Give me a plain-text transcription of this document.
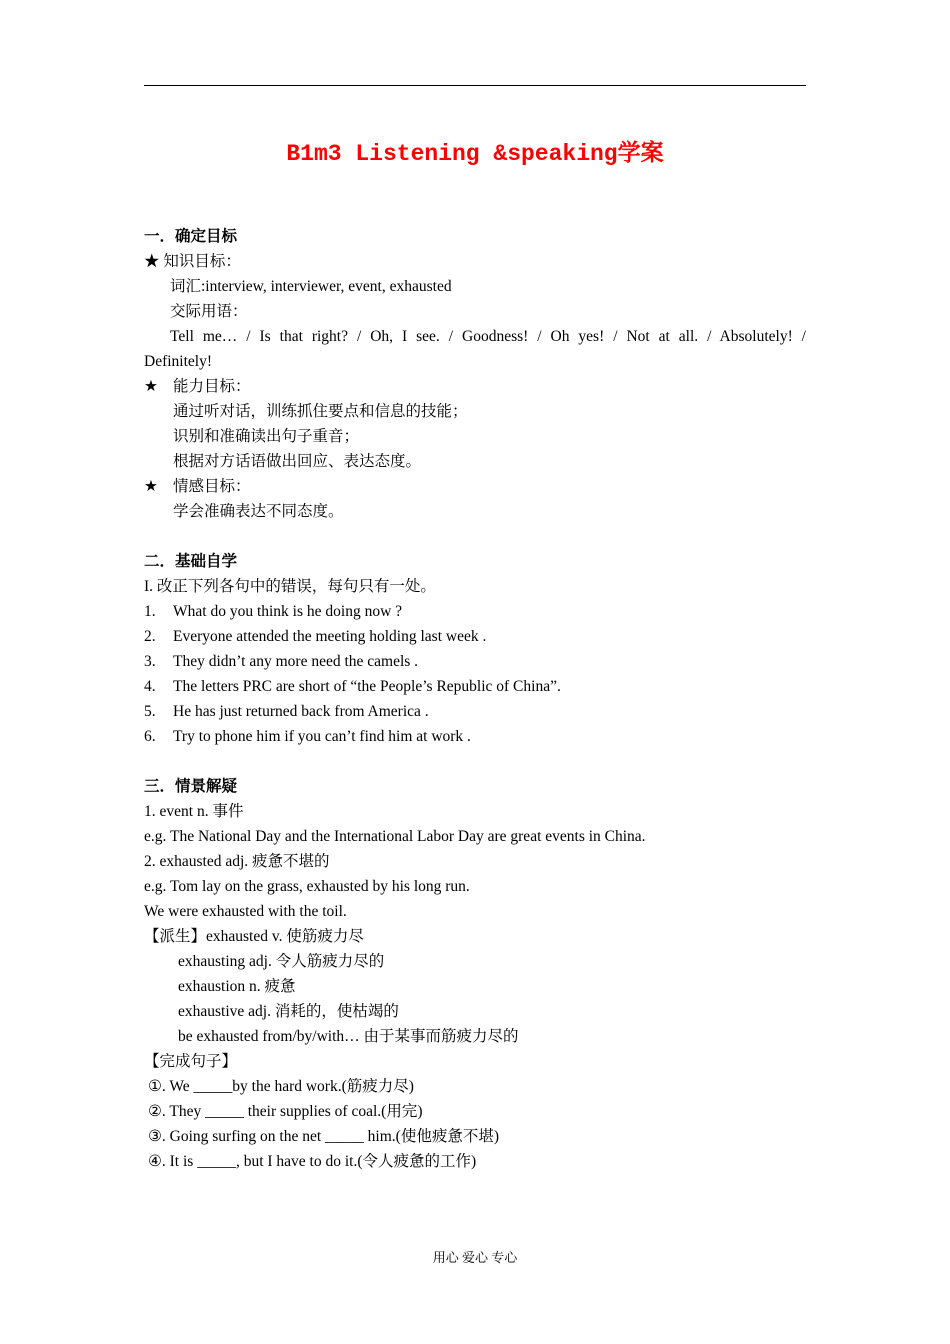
B1m3 Listening &speaking学案
一．确定目标
★ 知识目标：
词汇:interview, interviewer, event, exhausted
交际用语：
Tell me… / Is that right? / Oh, I see. / Goodness! / Oh yes! / Not at all. / Absolutely! /
Definitely!
★ 能力目标：
通过听对话，训练抓住要点和信息的技能；
识别和准确读出句子重音；
根据对方话语做出回应、表达态度。
★ 情感目标：
学会准确表达不同态度。
二．基础自学
I. 改正下列各句中的错误，每句只有一处。
1. What do you think is he doing now ?
2. Everyone attended the meeting holding last week .
3. They didn’t any more need the camels .
4. The letters PRC are short of “the People’s Republic of China”.
5. He has just returned back from America .
6. Try to phone him if you can’t find him at work .
三．情景解疑
1. event n. 事件
e.g. The National Day and the International Labor Day are great events in China.
2. exhausted adj. 疲惫不堪的
e.g. Tom lay on the grass, exhausted by his long run.
We were exhausted with the toil.
【派生】exhausted v. 使筋疲力尽
exhausting adj. 令人筋疲力尽的
exhaustion n. 疲惫
exhaustive adj. 消耗的，使枯竭的
be exhausted from/by/with… 由于某事而筋疲力尽的
【完成句子】
①. We _____by the hard work.(筋疲力尽)
②. They _____ their supplies of coal.(用完)
③. Going surfing on the net _____ him.(使他疲惫不堪)
④. It is _____, but I have to do it.(令人疲惫的工作)
用心 爱心 专心
